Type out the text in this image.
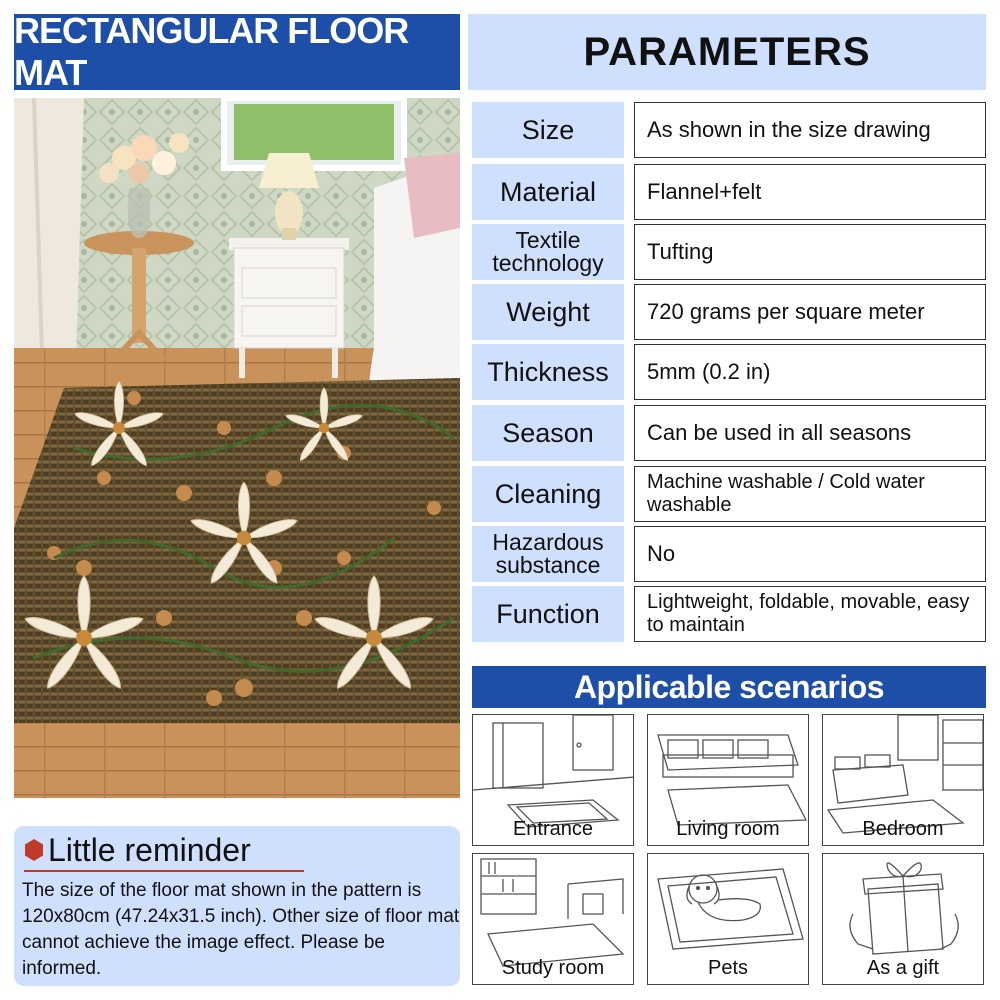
RECTANGULAR FLOOR MAT	PARAMETERS
Size	As shown in the size drawing
Material	Flannel+felt
Textile technology	Tufting
Weight	720 grams per square meter
Thickness	5mm (0.2 in)
Season	Can be used in all seasons
Cleaning	Machine washable / Cold water washable
Hazardous substance	No
Function	Lightweight, foldable, movable, easy to maintain
Applicable scenarios
Entrance	Living room	Bedroom
Study room	Pets	As a gift
Little reminder
The size of the floor mat shown in the pattern is 120x80cm (47.24x31.5 inch). Other size of floor mat cannot achieve the image effect. Please be informed.
